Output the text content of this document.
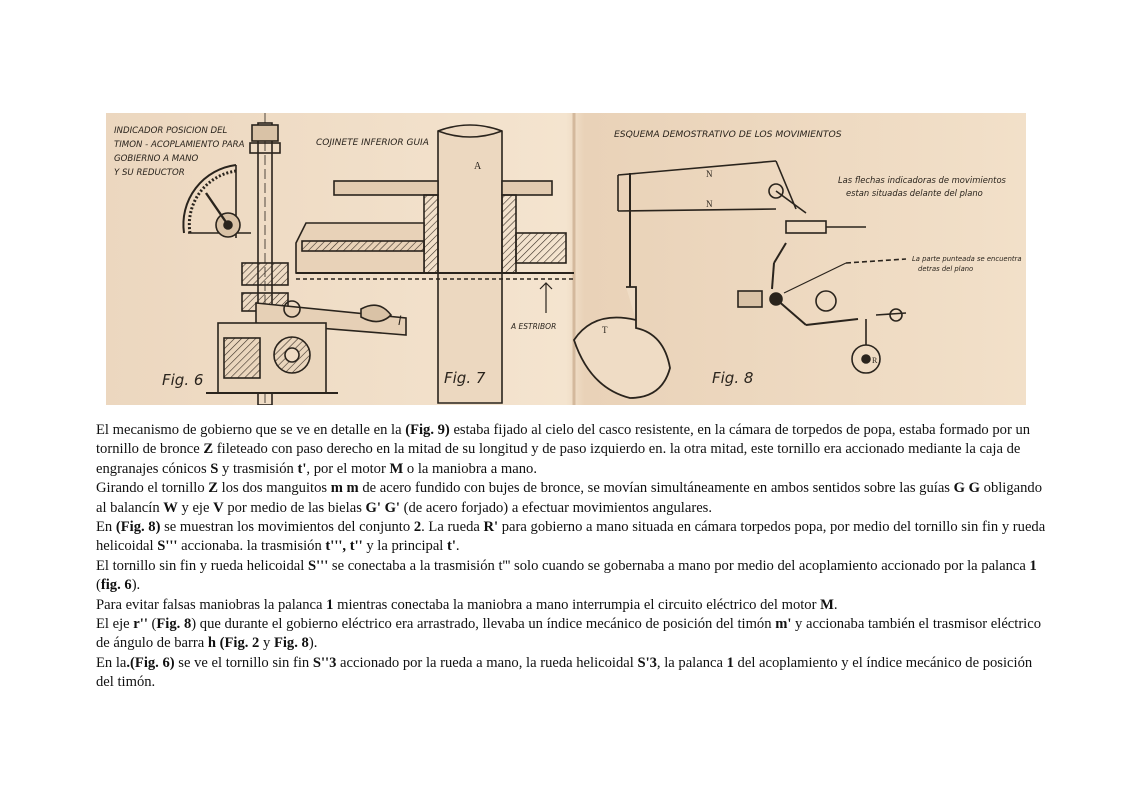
INDICADOR POSICION DEL
TIMON - ACOPLAMIENTO PARA
GOBIERNO A MANO
Y SU REDUCTOR
l
Fig. 6
COJINETE INFERIOR GUIA
A
A ESTRIBOR
Fig. 7
ESQUEMA DEMOSTRATIVO DE LOS MOVIMIENTOS
Las flechas indicadoras de movimientos
estan situadas delante del plano
La parte punteada se encuentra
detras del plano
N
N
T
R
Fig. 8

El mecanismo de gobierno que se ve en detalle en la (Fig. 9) estaba fijado al cielo del casco resistente, en la cámara de torpedos de popa, estaba formado por un tornillo de bronce Z fileteado con paso derecho en la mitad de su longitud y de paso izquierdo en. la otra mitad, este tornillo era accionado mediante la caja de engranajes cónicos S y trasmisión t', por el motor M o la maniobra a mano.

Girando el tornillo Z los dos manguitos m m de acero fundido con bujes de bronce, se movían simultáneamente en ambos sentidos sobre las guías G G obligando al balancín W y eje V por medio de las bielas G' G' (de acero forjado) a efectuar movimientos angulares.

En (Fig. 8) se muestran los movimientos del conjunto 2. La rueda R' para gobierno a mano situada en cámara torpedos popa, por medio del tornillo sin fin y rueda helicoidal S''' accionaba. la trasmisión t''', t'' y la principal t'.

El tornillo sin fin y rueda helicoidal S''' se conectaba a la trasmisión t''' solo cuando se gobernaba a mano por medio del acoplamiento accionado por la palanca 1 (fig. 6).

Para evitar falsas maniobras la palanca 1 mientras conectaba la maniobra a mano interrumpia el circuito eléctrico del motor M.

El eje r'' (Fig. 8) que durante el gobierno eléctrico era arrastrado, llevaba un índice mecánico de posición del timón m' y accionaba también el trasmisor eléctrico de ángulo de barra h (Fig. 2 y Fig. 8).

En la.(Fig. 6) se ve el tornillo sin fin S''3 accionado por la rueda a mano, la rueda helicoidal S'3, la palanca 1 del acoplamiento y el índice mecánico de posición del timón.
